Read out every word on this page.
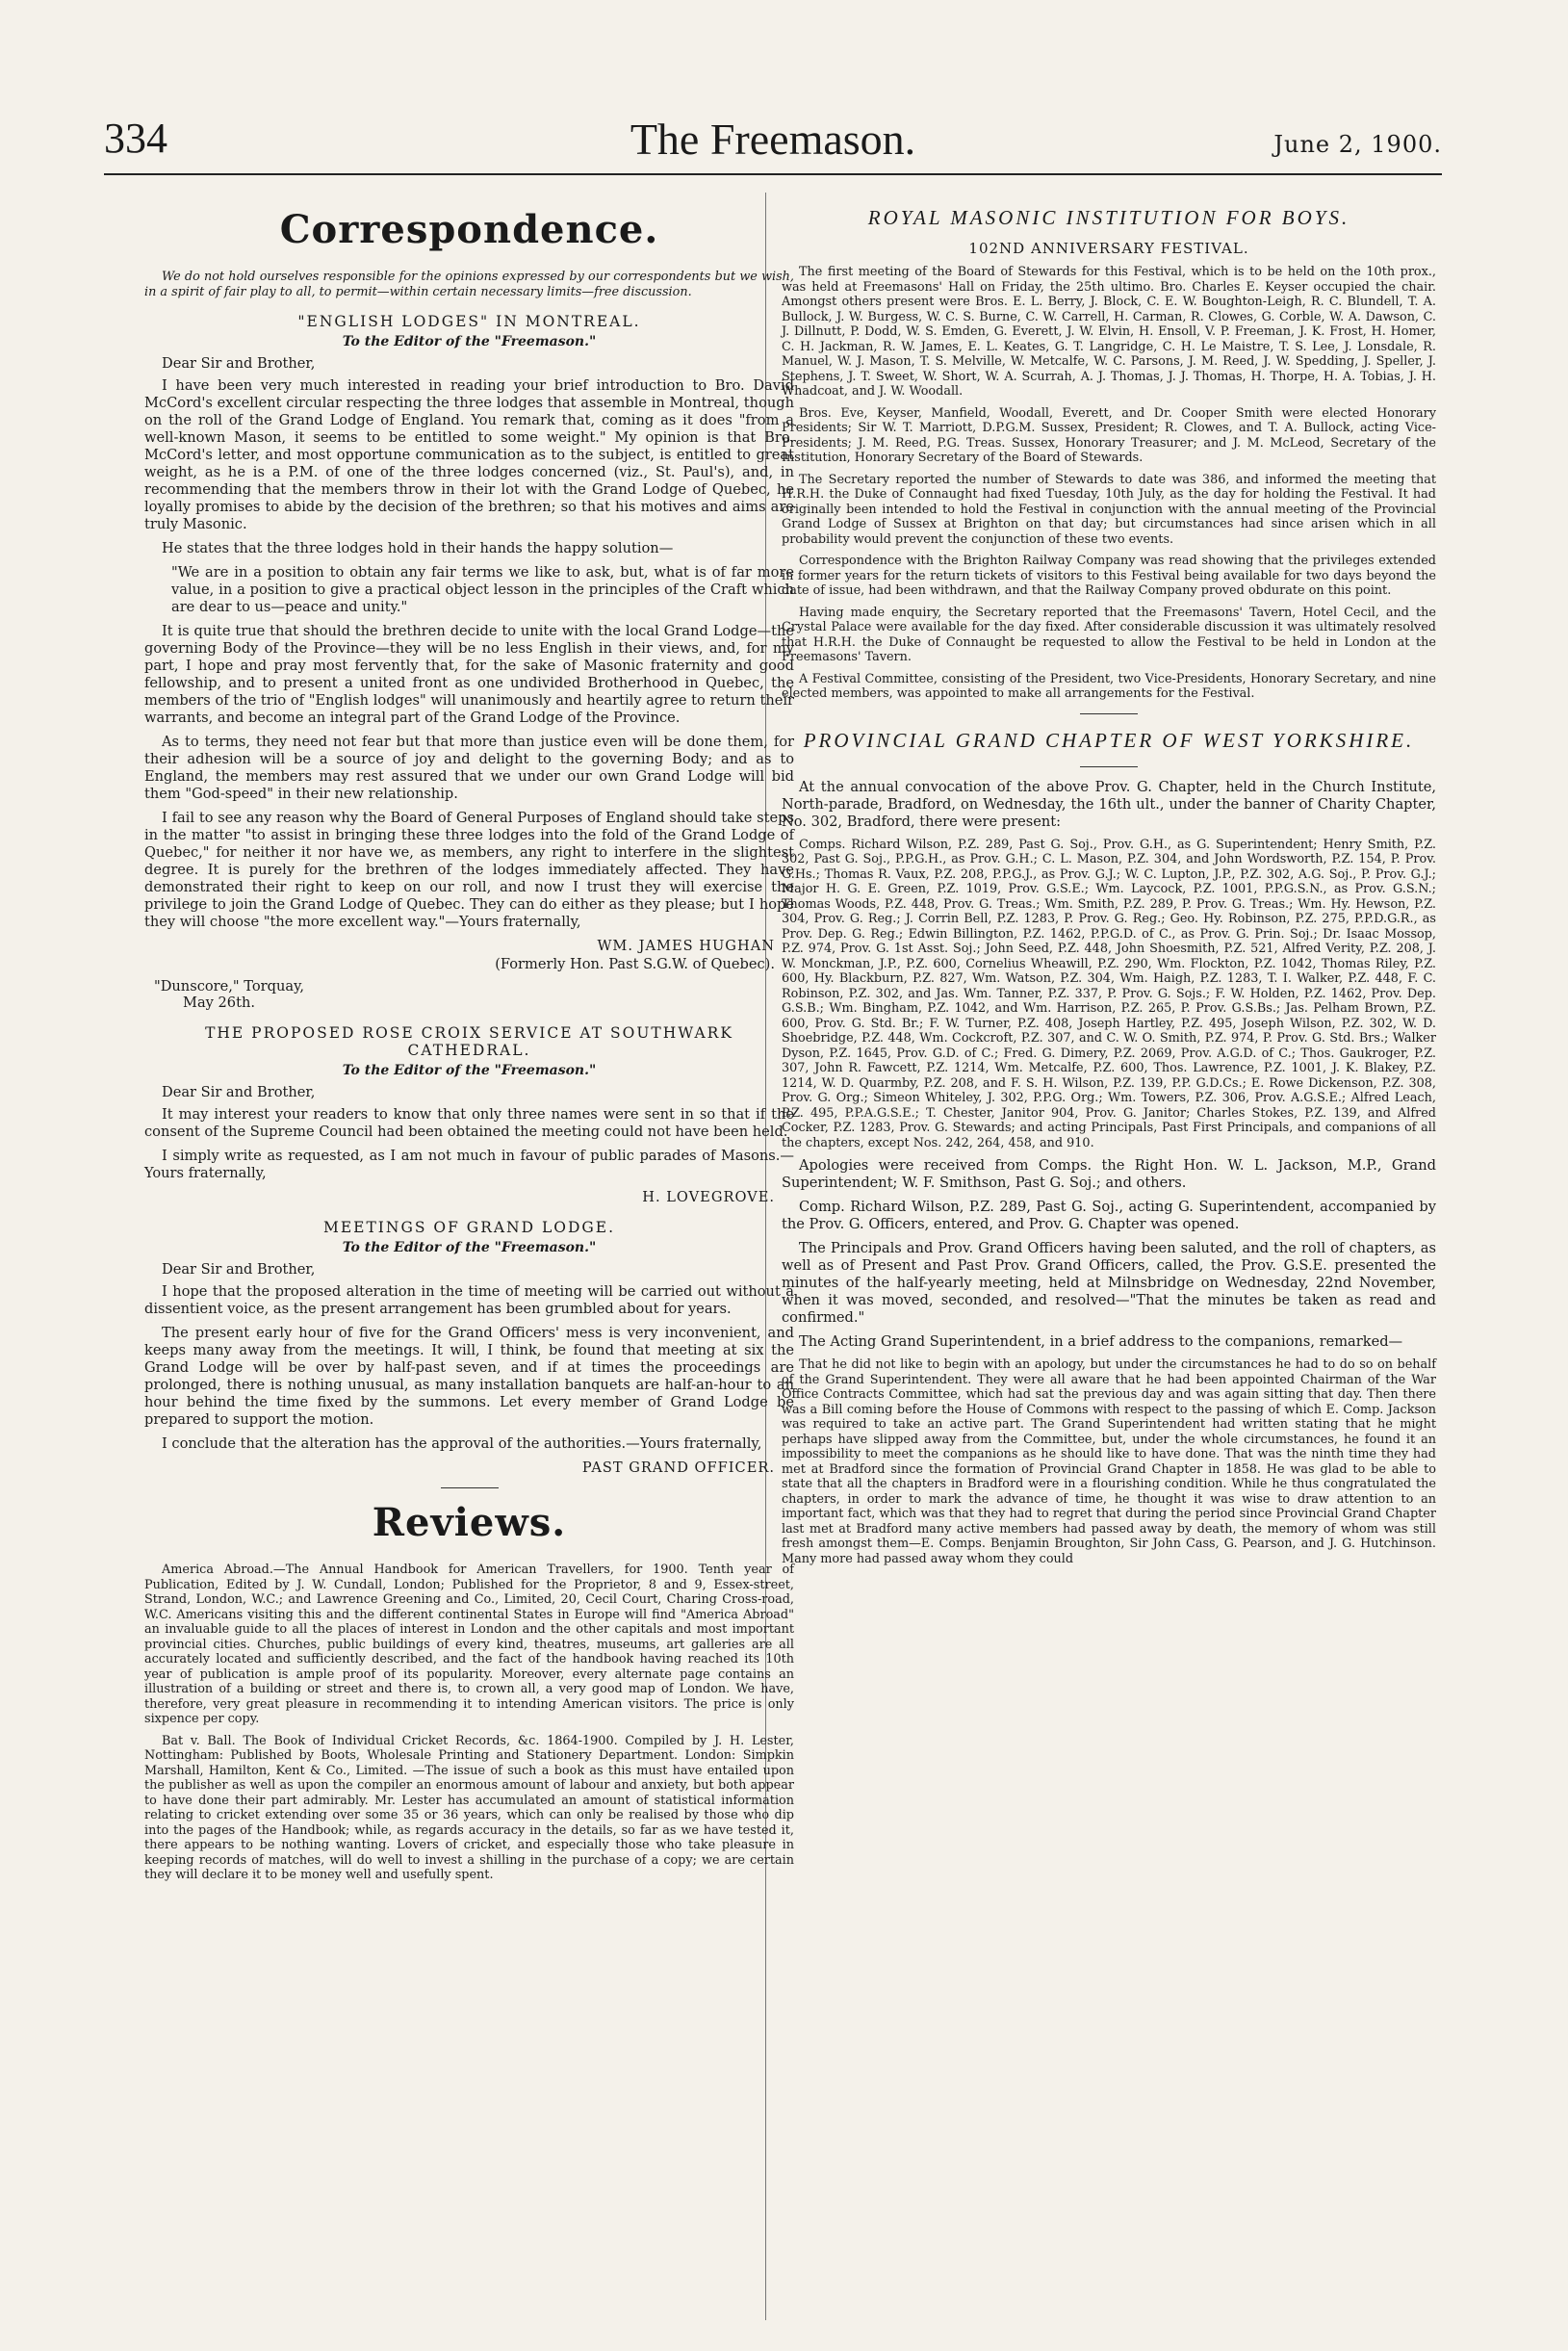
334	The Freemason.	June 2, 1900.
Correspondence.

We do not hold ourselves responsible for the opinions expressed by our correspondents but we wish, in a spirit of fair play to all, to permit—within certain necessary limits—free discussion.

"ENGLISH LODGES" IN MONTREAL.
To the Editor of the "Freemason."
Dear Sir and Brother,

I have been very much interested in reading your brief introduction to Bro. David McCord's excellent circular respecting the three lodges that assemble in Montreal, though on the roll of the Grand Lodge of England. You remark that, coming as it does "from a well-known Mason, it seems to be entitled to some weight." My opinion is that Bro. McCord's letter, and most opportune communication as to the subject, is entitled to great weight, as he is a P.M. of one of the three lodges concerned (viz., St. Paul's), and, in recommending that the members throw in their lot with the Grand Lodge of Quebec, he loyally promises to abide by the decision of the brethren; so that his motives and aims are truly Masonic.

He states that the three lodges hold in their hands the happy solution—

"We are in a position to obtain any fair terms we like to ask, but, what is of far more value, in a position to give a practical object lesson in the principles of the Craft which are dear to us—peace and unity."

It is quite true that should the brethren decide to unite with the local Grand Lodge—the governing Body of the Province—they will be no less English in their views, and, for my part, I hope and pray most fervently that, for the sake of Masonic fraternity and good fellowship, and to present a united front as one undivided Brotherhood in Quebec, the members of the trio of "English lodges" will unanimously and heartily agree to return their warrants, and become an integral part of the Grand Lodge of the Province.

As to terms, they need not fear but that more than justice even will be done them, for their adhesion will be a source of joy and delight to the governing Body; and as to England, the members may rest assured that we under our own Grand Lodge will bid them "God-speed" in their new relationship.

I fail to see any reason why the Board of General Purposes of England should take steps in the matter "to assist in bringing these three lodges into the fold of the Grand Lodge of Quebec," for neither it nor have we, as members, any right to interfere in the slightest degree. It is purely for the brethren of the lodges immediately affected. They have demonstrated their right to keep on our roll, and now I trust they will exercise the privilege to join the Grand Lodge of Quebec. They can do either as they please; but I hope they will choose "the more excellent way."—Yours fraternally,

WM. JAMES HUGHAN
(Formerly Hon. Past S.G.W. of Quebec).
"Dunscore," Torquay,
May 26th.
THE PROPOSED ROSE CROIX SERVICE AT SOUTHWARK CATHEDRAL.
To the Editor of the "Freemason."
Dear Sir and Brother,

It may interest your readers to know that only three names were sent in so that if the consent of the Supreme Council had been obtained the meeting could not have been held.

I simply write as requested, as I am not much in favour of public parades of Masons.—Yours fraternally,

H. LOVEGROVE.
MEETINGS OF GRAND LODGE.
To the Editor of the "Freemason."
Dear Sir and Brother,

I hope that the proposed alteration in the time of meeting will be carried out without a dissentient voice, as the present arrangement has been grumbled about for years.

The present early hour of five for the Grand Officers' mess is very inconvenient, and keeps many away from the meetings. It will, I think, be found that meeting at six the Grand Lodge will be over by half-past seven, and if at times the proceedings are prolonged, there is nothing unusual, as many installation banquets are half-an-hour to an hour behind the time fixed by the summons. Let every member of Grand Lodge be prepared to support the motion.

I conclude that the alteration has the approval of the authorities.—Yours fraternally,

PAST GRAND OFFICER.
Reviews.

America Abroad.—The Annual Handbook for American Travellers, for 1900. Tenth year of Publication, Edited by J. W. Cundall, London; Published for the Proprietor, 8 and 9, Essex-street, Strand, London, W.C.; and Lawrence Greening and Co., Limited, 20, Cecil Court, Charing Cross-road, W.C. Americans visiting this and the different continental States in Europe will find "America Abroad" an invaluable guide to all the places of interest in London and the other capitals and most important provincial cities. Churches, public buildings of every kind, theatres, museums, art galleries are all accurately located and sufficiently described, and the fact of the handbook having reached its 10th year of publication is ample proof of its popularity. Moreover, every alternate page contains an illustration of a building or street and there is, to crown all, a very good map of London. We have, therefore, very great pleasure in recommending it to intending American visitors. The price is only sixpence per copy.

Bat v. Ball. The Book of Individual Cricket Records, &c. 1864-1900. Compiled by J. H. Lester, Nottingham: Published by Boots, Wholesale Printing and Stationery Department. London: Simpkin Marshall, Hamilton, Kent & Co., Limited. —The issue of such a book as this must have entailed upon the publisher as well as upon the compiler an enormous amount of labour and anxiety, but both appear to have done their part admirably. Mr. Lester has accumulated an amount of statistical information relating to cricket extending over some 35 or 36 years, which can only be realised by those who dip into the pages of the Handbook; while, as regards accuracy in the details, so far as we have tested it, there appears to be nothing wanting. Lovers of cricket, and especially those who take pleasure in keeping records of matches, will do well to invest a shilling in the purchase of a copy; we are certain they will declare it to be money well and usefully spent.

ROYAL MASONIC INSTITUTION FOR BOYS.
102ND ANNIVERSARY FESTIVAL.

The first meeting of the Board of Stewards for this Festival, which is to be held on the 10th prox., was held at Freemasons' Hall on Friday, the 25th ultimo. Bro. Charles E. Keyser occupied the chair. Amongst others present were Bros. E. L. Berry, J. Block, C. E. W. Boughton-Leigh, R. C. Blundell, T. A. Bullock, J. W. Burgess, W. C. S. Burne, C. W. Carrell, H. Carman, R. Clowes, G. Corble, W. A. Dawson, C. J. Dillnutt, P. Dodd, W. S. Emden, G. Everett, J. W. Elvin, H. Ensoll, V. P. Freeman, J. K. Frost, H. Homer, C. H. Jackman, R. W. James, E. L. Keates, G. T. Langridge, C. H. Le Maistre, T. S. Lee, J. Lonsdale, R. Manuel, W. J. Mason, T. S. Melville, W. Metcalfe, W. C. Parsons, J. M. Reed, J. W. Spedding, J. Speller, J. Stephens, J. T. Sweet, W. Short, W. A. Scurrah, A. J. Thomas, J. J. Thomas, H. Thorpe, H. A. Tobias, J. H. Whadcoat, and J. W. Woodall.

Bros. Eve, Keyser, Manfield, Woodall, Everett, and Dr. Cooper Smith were elected Honorary Presidents; Sir W. T. Marriott, D.P.G.M. Sussex, President; R. Clowes, and T. A. Bullock, acting Vice-Presidents; J. M. Reed, P.G. Treas. Sussex, Honorary Treasurer; and J. M. McLeod, Secretary of the Institution, Honorary Secretary of the Board of Stewards.

The Secretary reported the number of Stewards to date was 386, and informed the meeting that H.R.H. the Duke of Connaught had fixed Tuesday, 10th July, as the day for holding the Festival. It had originally been intended to hold the Festival in conjunction with the annual meeting of the Provincial Grand Lodge of Sussex at Brighton on that day; but circumstances had since arisen which in all probability would prevent the conjunction of these two events.

Correspondence with the Brighton Railway Company was read showing that the privileges extended in former years for the return tickets of visitors to this Festival being available for two days beyond the date of issue, had been withdrawn, and that the Railway Company proved obdurate on this point.

Having made enquiry, the Secretary reported that the Freemasons' Tavern, Hotel Cecil, and the Crystal Palace were available for the day fixed. After considerable discussion it was ultimately resolved that H.R.H. the Duke of Connaught be requested to allow the Festival to be held in London at the Freemasons' Tavern.

A Festival Committee, consisting of the President, two Vice-Presidents, Honorary Secretary, and nine elected members, was appointed to make all arrangements for the Festival.

PROVINCIAL GRAND CHAPTER OF WEST YORKSHIRE.

At the annual convocation of the above Prov. G. Chapter, held in the Church Institute, North-parade, Bradford, on Wednesday, the 16th ult., under the banner of Charity Chapter, No. 302, Bradford, there were present:

Comps. Richard Wilson, P.Z. 289, Past G. Soj., Prov. G.H., as G. Superintendent; Henry Smith, P.Z. 302, Past G. Soj., P.P.G.H., as Prov. G.H.; C. L. Mason, P.Z. 304, and John Wordsworth, P.Z. 154, P. Prov. G.Hs.; Thomas R. Vaux, P.Z. 208, P.P.G.J., as Prov. G.J.; W. C. Lupton, J.P., P.Z. 302, A.G. Soj., P. Prov. G.J.; Major H. G. E. Green, P.Z. 1019, Prov. G.S.E.; Wm. Laycock, P.Z. 1001, P.P.G.S.N., as Prov. G.S.N.; Thomas Woods, P.Z. 448, Prov. G. Treas.; Wm. Smith, P.Z. 289, P. Prov. G. Treas.; Wm. Hy. Hewson, P.Z. 304, Prov. G. Reg.; J. Corrin Bell, P.Z. 1283, P. Prov. G. Reg.; Geo. Hy. Robinson, P.Z. 275, P.P.D.G.R., as Prov. Dep. G. Reg.; Edwin Billington, P.Z. 1462, P.P.G.D. of C., as Prov. G. Prin. Soj.; Dr. Isaac Mossop, P.Z. 974, Prov. G. 1st Asst. Soj.; John Seed, P.Z. 448, John Shoesmith, P.Z. 521, Alfred Verity, P.Z. 208, J. W. Monckman, J.P., P.Z. 600, Cornelius Wheawill, P.Z. 290, Wm. Flockton, P.Z. 1042, Thomas Riley, P.Z. 600, Hy. Blackburn, P.Z. 827, Wm. Watson, P.Z. 304, Wm. Haigh, P.Z. 1283, T. I. Walker, P.Z. 448, F. C. Robinson, P.Z. 302, and Jas. Wm. Tanner, P.Z. 337, P. Prov. G. Sojs.; F. W. Holden, P.Z. 1462, Prov. Dep. G.S.B.; Wm. Bingham, P.Z. 1042, and Wm. Harrison, P.Z. 265, P. Prov. G.S.Bs.; Jas. Pelham Brown, P.Z. 600, Prov. G. Std. Br.; F. W. Turner, P.Z. 408, Joseph Hartley, P.Z. 495, Joseph Wilson, P.Z. 302, W. D. Shoebridge, P.Z. 448, Wm. Cockcroft, P.Z. 307, and C. W. O. Smith, P.Z. 974, P. Prov. G. Std. Brs.; Walker Dyson, P.Z. 1645, Prov. G.D. of C.; Fred. G. Dimery, P.Z. 2069, Prov. A.G.D. of C.; Thos. Gaukroger, P.Z. 307, John R. Fawcett, P.Z. 1214, Wm. Metcalfe, P.Z. 600, Thos. Lawrence, P.Z. 1001, J. K. Blakey, P.Z. 1214, W. D. Quarmby, P.Z. 208, and F. S. H. Wilson, P.Z. 139, P.P. G.D.Cs.; E. Rowe Dickenson, P.Z. 308, Prov. G. Org.; Simeon Whiteley, J. 302, P.P.G. Org.; Wm. Towers, P.Z. 306, Prov. A.G.S.E.; Alfred Leach, P.Z. 495, P.P.A.G.S.E.; T. Chester, Janitor 904, Prov. G. Janitor; Charles Stokes, P.Z. 139, and Alfred Cocker, P.Z. 1283, Prov. G. Stewards; and acting Principals, Past First Principals, and companions of all the chapters, except Nos. 242, 264, 458, and 910.

Apologies were received from Comps. the Right Hon. W. L. Jackson, M.P., Grand Superintendent; W. F. Smithson, Past G. Soj.; and others.

Comp. Richard Wilson, P.Z. 289, Past G. Soj., acting G. Superintendent, accompanied by the Prov. G. Officers, entered, and Prov. G. Chapter was opened.

The Principals and Prov. Grand Officers having been saluted, and the roll of chapters, as well as of Present and Past Prov. Grand Officers, called, the Prov. G.S.E. presented the minutes of the half-yearly meeting, held at Milnsbridge on Wednesday, 22nd November, when it was moved, seconded, and resolved—"That the minutes be taken as read and confirmed."

The Acting Grand Superintendent, in a brief address to the companions, remarked—

That he did not like to begin with an apology, but under the circumstances he had to do so on behalf of the Grand Superintendent. They were all aware that he had been appointed Chairman of the War Office Contracts Committee, which had sat the previous day and was again sitting that day. Then there was a Bill coming before the House of Commons with respect to the passing of which E. Comp. Jackson was required to take an active part. The Grand Superintendent had written stating that he might perhaps have slipped away from the Committee, but, under the whole circumstances, he found it an impossibility to meet the companions as he should like to have done. That was the ninth time they had met at Bradford since the formation of Provincial Grand Chapter in 1858. He was glad to be able to state that all the chapters in Bradford were in a flourishing condition. While he thus congratulated the chapters, in order to mark the advance of time, he thought it was wise to draw attention to an important fact, which was that they had to regret that during the period since Provincial Grand Chapter last met at Bradford many active members had passed away by death, the memory of whom was still fresh amongst them—E. Comps. Benjamin Broughton, Sir John Cass, G. Pearson, and J. G. Hutchinson. Many more had passed away whom they could
